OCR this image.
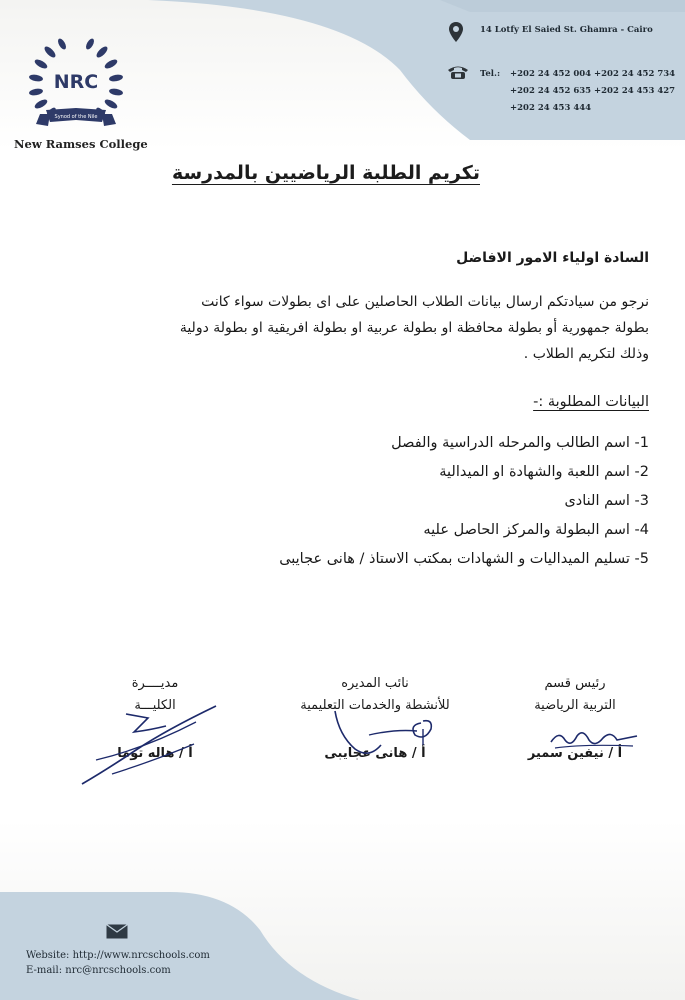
NRC
Synod of the Nile
New Ramses College
14 Lotfy El Saied St. Ghamra - Cairo
Tel.: +202 24 452 004 +202 24 452 734
+202 24 452 635 +202 24 453 427
+202 24 453 444
تكريم الطلبة الرياضيين بالمدرسة
السادة اولياء الامور الافاضل
نرجو من سيادتكم ارسال بيانات الطلاب الحاصلين على اى بطولات سواء كانت
بطولة جمهورية أو بطولة محافظة او بطولة عربية او بطولة افريقية او بطولة دولية
وذلك لتكريم الطلاب .
البيانات المطلوبة :-
1- اسم الطالب والمرحله الدراسية والفصل
2- اسم اللعبة والشهادة او الميدالية
3- اسم النادى
4- اسم البطولة والمركز الحاصل عليه
5- تسليم الميداليات و الشهادات بمكتب الاستاذ / هانى عجايبى
رئيس قسم
التربية الرياضية
أ / نيفين سمير
نائب المديره
للأنشطة والخدمات التعليمية
أ / هانى عجايبى
مديــــرة
الكليـــة
أ / هاله توما
Website: http://www.nrcschools.com
E-mail: nrc@nrcschools.com
